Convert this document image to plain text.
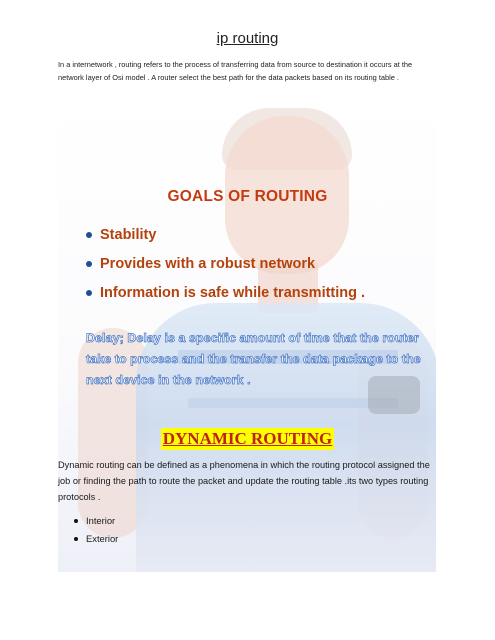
ip routing

In a internetwork , routing refers to the process of transferring data from source to destination it occurs at the network layer of Osi model . A router select the best path for the data packets based on its routing table .

GOALS OF ROUTING
Stability
Provides with a robust network
Information is safe while transmitting .

Delay; Delay is a specific amount of time that the router take to process and the transfer the data package to the next device in the network .

DYNAMIC ROUTING

Dynamic routing can be defined as a phenomena in which the routing protocol assigned the job or finding the path to route the packet and update the routing table .its two types routing protocols .

Interior
Exterior
